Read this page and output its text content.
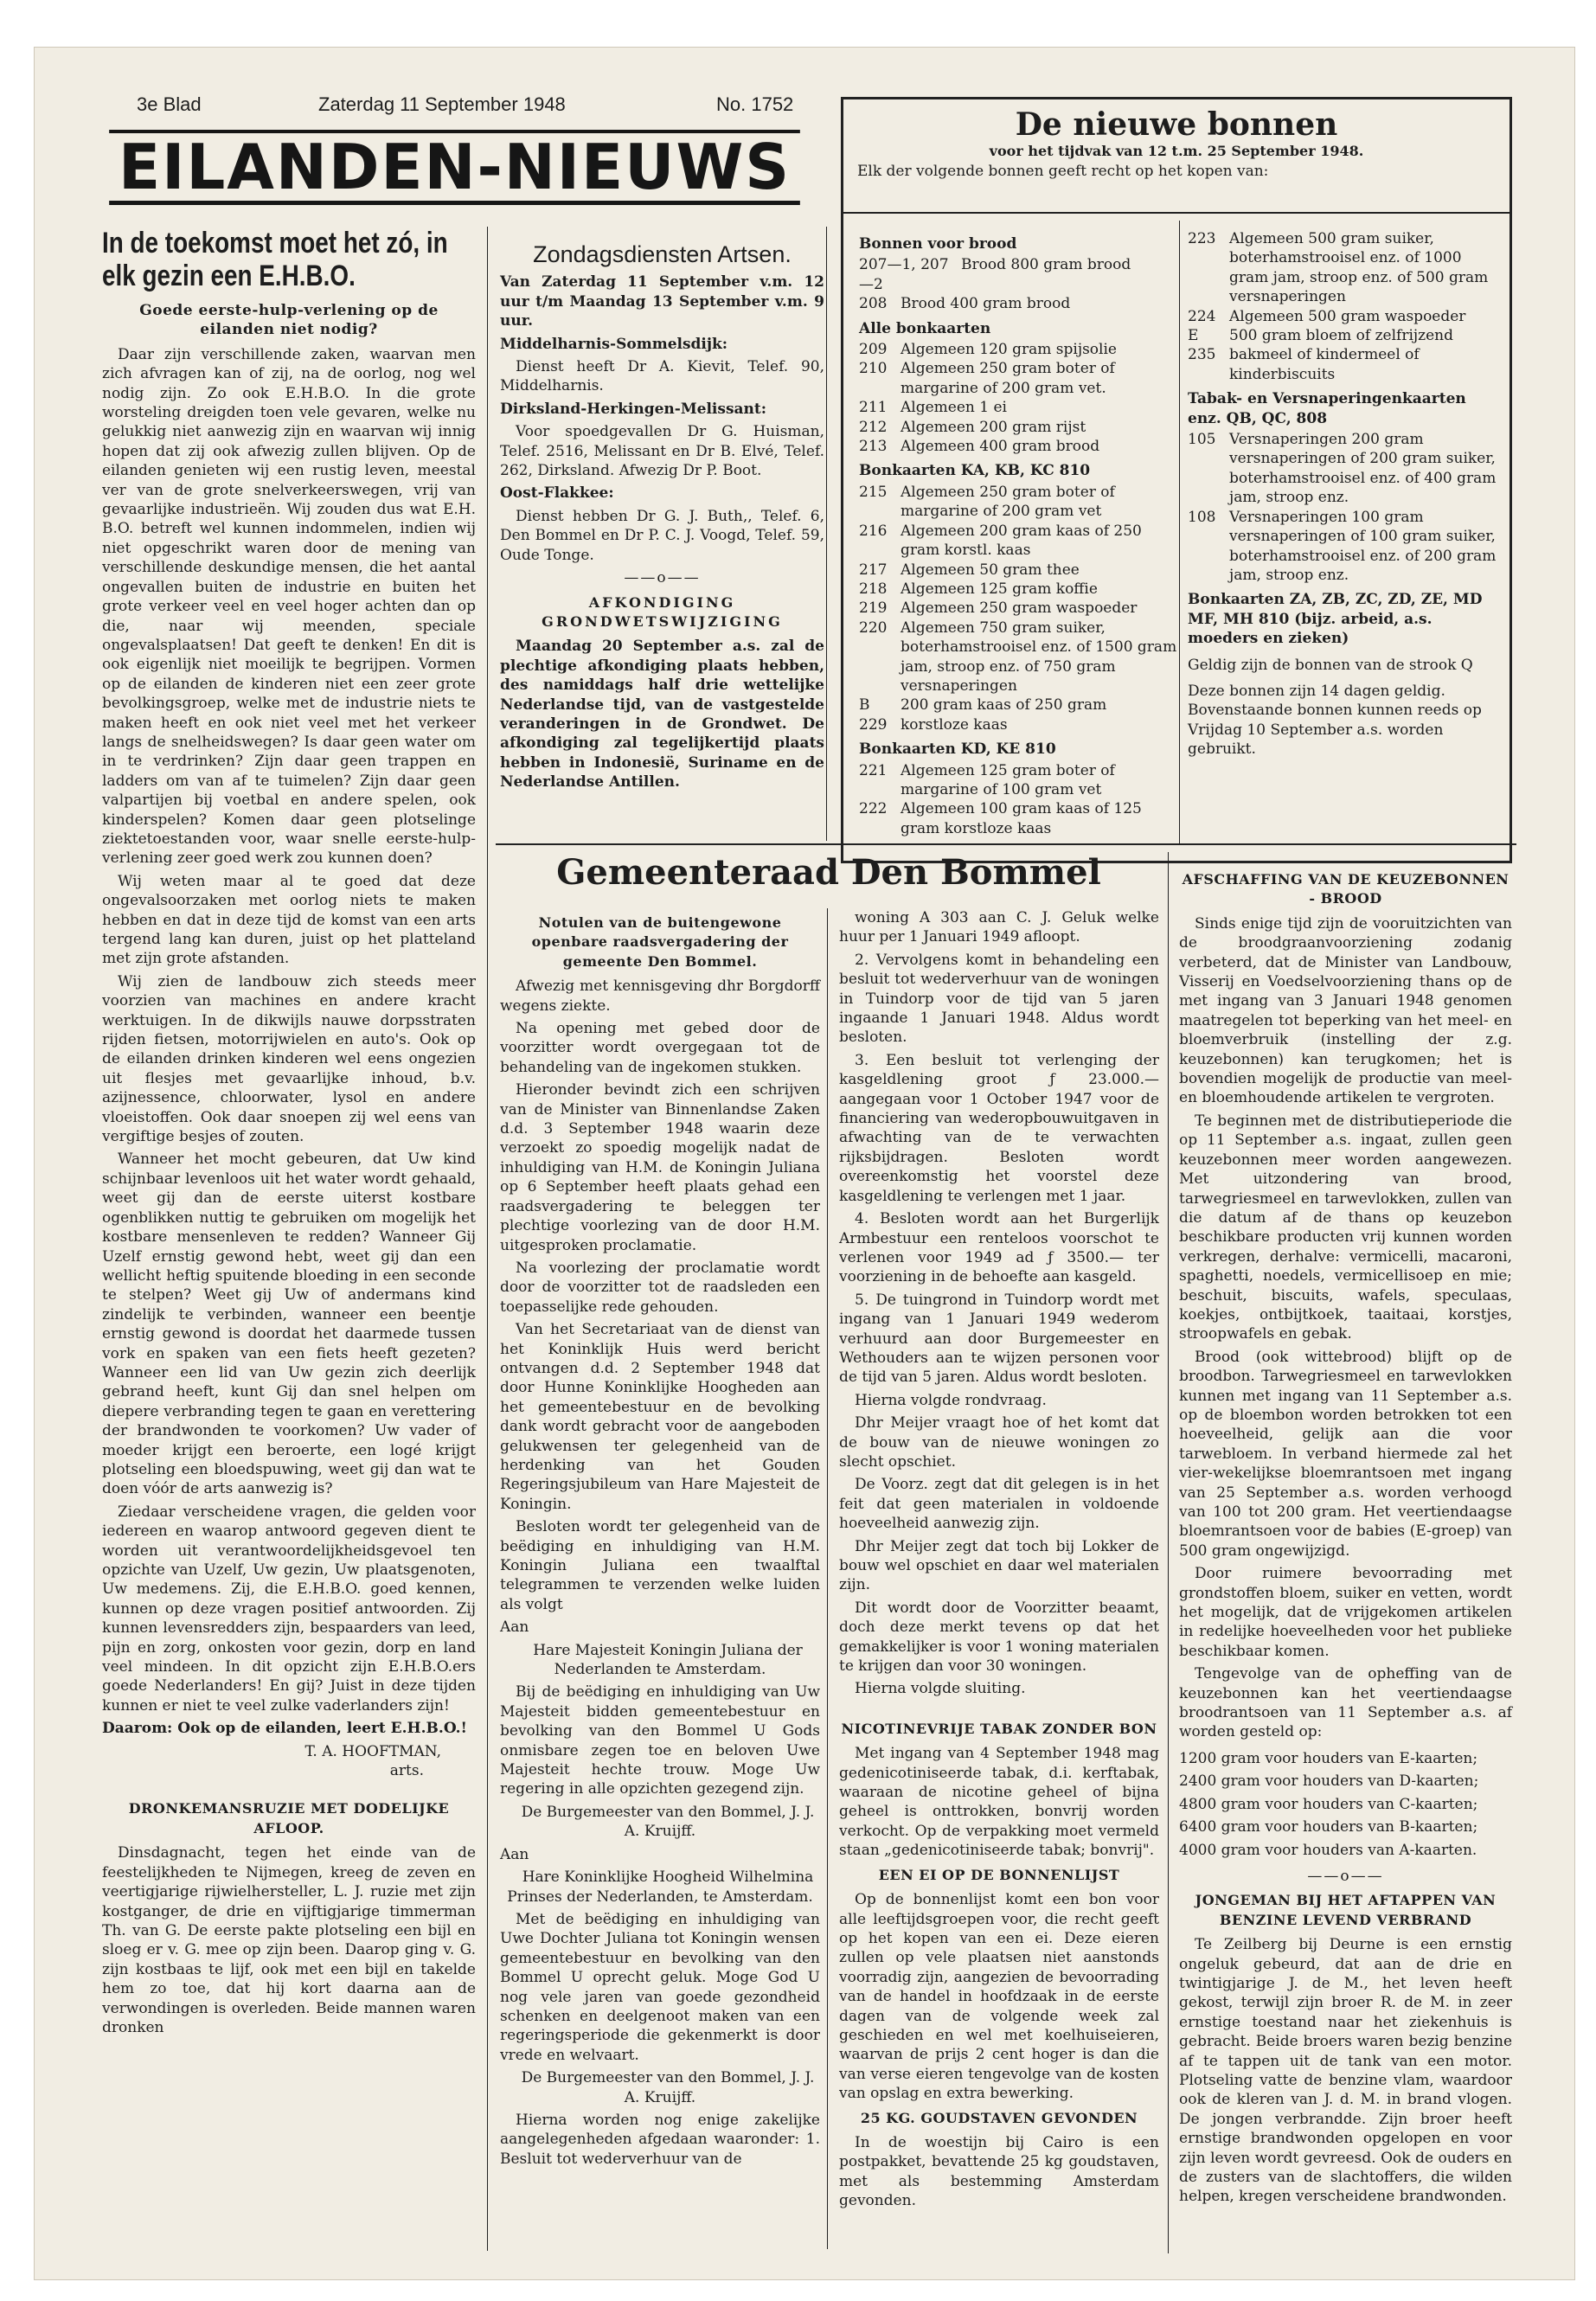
3e Blad	Zaterdag 11 September 1948	No. 1752
EILANDEN-NIEUWS
In de toekomst moet het zó, in elk gezin een E.H.B.O.
Goede eerste-hulp-verlening op de eilanden niet nodig?

Daar zijn verschillende zaken, waarvan men zich afvragen kan of zij, na de oorlog, nog wel nodig zijn. Zo ook E.H.B.O. In die grote worsteling dreigden toen vele gevaren, welke nu gelukkig niet aanwezig zijn en waarvan wij innig hopen dat zij ook afwezig zullen blijven. Op de eilanden genieten wij een rustig leven, meestal ver van de grote snelverkeerswegen, vrij van gevaarlijke industrieën. Wij zouden dus wat E.H. B.O. betreft wel kunnen indommelen, indien wij niet opgeschrikt waren door de mening van verschillende deskundige mensen, die het aantal ongevallen buiten de industrie en buiten het grote verkeer veel en veel hoger achten dan op die, naar wij meenden, speciale ongevalsplaatsen! Dat geeft te denken! En dit is ook eigenlijk niet moeilijk te begrijpen. Vormen op de eilanden de kinderen niet een zeer grote bevolkingsgroep, welke met de industrie niets te maken heeft en ook niet veel met het verkeer langs de snelheidswegen? Is daar geen water om in te verdrinken? Zijn daar geen trappen en ladders om van af te tuimelen? Zijn daar geen valpartijen bij voetbal en andere spelen, ook kinderspelen? Komen daar geen plotselinge ziektetoestanden voor, waar snelle eerste-hulp-verlening zeer goed werk zou kunnen doen?

Wij weten maar al te goed dat deze ongevalsoorzaken met oorlog niets te maken hebben en dat in deze tijd de komst van een arts tergend lang kan duren, juist op het platteland met zijn grote afstanden.

Wij zien de landbouw zich steeds meer voorzien van machines en andere kracht werktuigen. In de dikwijls nauwe dorpsstraten rijden fietsen, motorrijwielen en auto's. Ook op de eilanden drinken kinderen wel eens ongezien uit flesjes met gevaarlijke inhoud, b.v. azijnessence, chloorwater, lysol en andere vloeistoffen. Ook daar snoepen zij wel eens van vergiftige besjes of zouten.

Wanneer het mocht gebeuren, dat Uw kind schijnbaar levenloos uit het water wordt gehaald, weet gij dan de eerste uiterst kostbare ogenblikken nuttig te gebruiken om mogelijk het kostbare mensenleven te redden? Wanneer Gij Uzelf ernstig gewond hebt, weet gij dan een wellicht heftig spuitende bloeding in een seconde te stelpen? Weet gij Uw of andermans kind zindelijk te verbinden, wanneer een beentje ernstig gewond is doordat het daarmede tussen vork en spaken van een fiets heeft gezeten? Wanneer een lid van Uw gezin zich deerlijk gebrand heeft, kunt Gij dan snel helpen om diepere verbranding tegen te gaan en verettering der brandwonden te voorkomen? Uw vader of moeder krijgt een beroerte, een logé krijgt plotseling een bloedspuwing, weet gij dan wat te doen vóór de arts aanwezig is?

Ziedaar verscheidene vragen, die gelden voor iedereen en waarop antwoord gegeven dient te worden uit verantwoordelijkheidsgevoel ten opzichte van Uzelf, Uw gezin, Uw plaatsgenoten, Uw medemens. Zij, die E.H.B.O. goed kennen, kunnen op deze vragen positief antwoorden. Zij kunnen levensredders zijn, bespaarders van leed, pijn en zorg, onkosten voor gezin, dorp en land veel mindeen. In dit opzicht zijn E.H.B.O.ers goede Nederlanders! En gij? Juist in deze tijden kunnen er niet te veel zulke vaderlanders zijn!

Daarom: Ook op de eilanden, leert E.H.B.O.!

T. A. HOOFTMAN,
arts.
DRONKEMANSRUZIE MET DODELIJKE AFLOOP.

Dinsdagnacht, tegen het einde van de feestelijkheden te Nijmegen, kreeg de zeven en veertigjarige rijwielhersteller, L. J. ruzie met zijn kostganger, de drie en vijftigjarige timmerman Th. van G. De eerste pakte plotseling een bijl en sloeg er v. G. mee op zijn been. Daarop ging v. G. zijn kostbaas te lijf, ook met een bijl en takelde hem zo toe, dat hij kort daarna aan de verwondingen is overleden. Beide mannen waren dronken

Zondagsdiensten Artsen.

Van Zaterdag 11 September v.m. 12 uur t/m Maandag 13 September v.m. 9 uur.

Middelharnis-Sommelsdijk:

Dienst heeft Dr A. Kievit, Telef. 90, Middelharnis.

Dirksland-Herkingen-Melissant:

Voor spoedgevallen Dr G. Huisman, Telef. 2516, Melissant en Dr B. Elvé, Telef. 262, Dirksland. Afwezig Dr P. Boot.

Oost-Flakkee:

Dienst hebben Dr G. J. Buth,, Telef. 6, Den Bommel en Dr P. C. J. Voogd, Telef. 59, Oude Tonge.

——o——
AFKONDIGING GRONDWETSWIJZIGING

Maandag 20 September a.s. zal de plechtige afkondiging plaats hebben, des namiddags half drie wettelijke Nederlandse tijd, van de vastgestelde veranderingen in de Grondwet. De afkondiging zal tegelijkertijd plaats hebben in Indonesië, Suriname en de Nederlandse Antillen.

De nieuwe bonnen
voor het tijdvak van 12 t.m. 25 September 1948.
Elk der volgende bonnen geeft recht op het kopen van:
Bonnen voor brood
207—1, 207—2
Brood 800 gram brood
208 Brood 400 gram brood
Alle bonkaarten
209 Algemeen 120 gram spijsolie
210 Algemeen 250 gram boter of margarine of 200 gram vet.
211 Algemeen 1 ei
212 Algemeen 200 gram rijst
213 Algemeen 400 gram brood
Bonkaarten KA, KB, KC 810
215 Algemeen 250 gram boter of margarine of 200 gram vet
216 Algemeen 200 gram kaas of 250 gram korstl. kaas
217 Algemeen 50 gram thee
218 Algemeen 125 gram koffie
219 Algemeen 250 gram waspoeder
220 Algemeen 750 gram suiker, boterhamstrooisel enz. of 1500 gram jam, stroop enz. of 750 gram versnaperingen
B 229
200 gram kaas of 250 gram korstloze kaas
Bonkaarten KD, KE 810
221 Algemeen 125 gram boter of margarine of 100 gram vet
222 Algemeen 100 gram kaas of 125 gram korstloze kaas
223 Algemeen 500 gram suiker, boterhamstrooisel enz. of 1000 gram jam, stroop enz. of 500 gram versnaperingen
224 Algemeen 500 gram waspoeder
E 235
500 gram bloem of zelfrijzend bakmeel of kindermeel of kinderbiscuits
Tabak- en Versnaperingenkaarten enz. QB, QC, 808
105 Versnaperingen 200 gram versnaperingen of 200 gram suiker, boterhamstrooisel enz. of 400 gram jam, stroop enz.
108 Versnaperingen 100 gram versnaperingen of 100 gram suiker, boterhamstrooisel enz. of 200 gram jam, stroop enz.
Bonkaarten ZA, ZB, ZC, ZD, ZE, MD MF, MH 810 (bijz. arbeid, a.s. moeders en zieken)
Geldig zijn de bonnen van de strook Q
Deze bonnen zijn 14 dagen geldig. Bovenstaande bonnen kunnen reeds op Vrijdag 10 September a.s. worden gebruikt.
Gemeenteraad Den Bommel
Notulen van de buitengewone openbare raadsvergadering der gemeente Den Bommel.

Afwezig met kennisgeving dhr Borgdorff wegens ziekte.

Na opening met gebed door de voorzitter wordt overgegaan tot de behandeling van de ingekomen stukken.

Hieronder bevindt zich een schrijven van de Minister van Binnenlandse Zaken d.d. 3 September 1948 waarin deze verzoekt zo spoedig mogelijk nadat de inhuldiging van H.M. de Koningin Juliana op 6 September heeft plaats gehad een raadsvergadering te beleggen ter plechtige voorlezing van de door H.M. uitgesproken proclamatie.

Na voorlezing der proclamatie wordt door de voorzitter tot de raadsleden een toepasselijke rede gehouden.

Van het Secretariaat van de dienst van het Koninklijk Huis werd bericht ontvangen d.d. 2 September 1948 dat door Hunne Koninklijke Hoogheden aan het gemeentebestuur en de bevolking dank wordt gebracht voor de aangeboden gelukwensen ter gelegenheid van de herdenking van het Gouden Regeringsjubileum van Hare Majesteit de Koningin.

Besloten wordt ter gelegenheid van de beëdiging en inhuldiging van H.M. Koningin Juliana een twaalftal telegrammen te verzenden welke luiden als volgt

Aan

Hare Majesteit Koningin Juliana der Nederlanden te Amsterdam.

Bij de beëdiging en inhuldiging van Uw Majesteit bidden gemeentebestuur en bevolking van den Bommel U Gods onmisbare zegen toe en beloven Uwe Majesteit hechte trouw. Moge Uw regering in alle opzichten gezegend zijn.

De Burgemeester van den Bommel, J. J. A. Kruijff.

Aan

Hare Koninklijke Hoogheid Wilhelmina Prinses der Nederlanden, te Amsterdam.

Met de beëdiging en inhuldiging van Uwe Dochter Juliana tot Koningin wensen gemeentebestuur en bevolking van den Bommel U oprecht geluk. Moge God U nog vele jaren van goede gezondheid schenken en deelgenoot maken van een regeringsperiode die gekenmerkt is door vrede en welvaart.

De Burgemeester van den Bommel, J. J. A. Kruijff.

Hierna worden nog enige zakelijke aangelegenheden afgedaan waaronder: 1. Besluit tot wederverhuur van de

woning A 303 aan C. J. Geluk welke huur per 1 Januari 1949 afloopt.

2. Vervolgens komt in behandeling een besluit tot wederverhuur van de woningen in Tuindorp voor de tijd van 5 jaren ingaande 1 Januari 1948. Aldus wordt besloten.

3. Een besluit tot verlenging der kasgeldlening groot ƒ 23.000.— aangegaan voor 1 October 1947 voor de financiering van wederopbouwuitgaven in afwachting van de te verwachten rijksbijdragen. Besloten wordt overeenkomstig het voorstel deze kasgeldlening te verlengen met 1 jaar.

4. Besloten wordt aan het Burgerlijk Armbestuur een renteloos voorschot te verlenen voor 1949 ad ƒ 3500.— ter voorziening in de behoefte aan kasgeld.

5. De tuingrond in Tuindorp wordt met ingang van 1 Januari 1949 wederom verhuurd aan door Burgemeester en Wethouders aan te wijzen personen voor de tijd van 5 jaren. Aldus wordt besloten.

Hierna volgde rondvraag.

Dhr Meijer vraagt hoe of het komt dat de bouw van de nieuwe woningen zo slecht opschiet.

De Voorz. zegt dat dit gelegen is in het feit dat geen materialen in voldoende hoeveelheid aanwezig zijn.

Dhr Meijer zegt dat toch bij Lokker de bouw wel opschiet en daar wel materialen zijn.

Dit wordt door de Voorzitter beaamt, doch deze merkt tevens op dat het gemakkelijker is voor 1 woning materialen te krijgen dan voor 30 woningen.

Hierna volgde sluiting.

NICOTINEVRIJE TABAK ZONDER BON

Met ingang van 4 September 1948 mag gedenicotiniseerde tabak, d.i. kerftabak, waaraan de nicotine geheel of bijna geheel is onttrokken, bonvrij worden verkocht. Op de verpakking moet vermeld staan „gedenicotiniseerde tabak; bonvrij".

EEN EI OP DE BONNENLIJST

Op de bonnenlijst komt een bon voor alle leeftijdsgroepen voor, die recht geeft op het kopen van een ei. Deze eieren zullen op vele plaatsen niet aanstonds voorradig zijn, aangezien de bevoorrading van de handel in hoofdzaak in de eerste dagen van de volgende week zal geschieden en wel met koelhuiseieren, waarvan de prijs 2 cent hoger is dan die van verse eieren tengevolge van de kosten van opslag en extra bewerking.

25 KG. GOUDSTAVEN GEVONDEN

In de woestijn bij Cairo is een postpakket, bevattende 25 kg goudstaven, met als bestemming Amsterdam gevonden.

AFSCHAFFING VAN DE KEUZEBONNEN - BROOD

Sinds enige tijd zijn de vooruitzichten van de broodgraanvoorziening zodanig verbeterd, dat de Minister van Landbouw, Visserij en Voedselvoorziening thans op de met ingang van 3 Januari 1948 genomen maatregelen tot beperking van het meel- en bloemverbruik (instelling der z.g. keuzebonnen) kan terugkomen; het is bovendien mogelijk de productie van meel- en bloemhoudende artikelen te vergroten.

Te beginnen met de distributieperiode die op 11 September a.s. ingaat, zullen geen keuzebonnen meer worden aangewezen. Met uitzondering van brood, tarwegriesmeel en tarwevlokken, zullen van die datum af de thans op keuzebon beschikbare producten vrij kunnen worden verkregen, derhalve: vermicelli, macaroni, spaghetti, noedels, vermicellisoep en mie; beschuit, biscuits, wafels, speculaas, koekjes, ontbijtkoek, taaitaai, korstjes, stroopwafels en gebak.

Brood (ook wittebrood) blijft op de broodbon. Tarwegriesmeel en tarwevlokken kunnen met ingang van 11 September a.s. op de bloembon worden betrokken tot een hoeveelheid, gelijk aan die voor tarwebloem. In verband hiermede zal het vier-wekelijkse bloemrantsoen met ingang van 25 September a.s. worden verhoogd van 100 tot 200 gram. Het veertiendaagse bloemrantsoen voor de babies (E-groep) van 500 gram ongewijzigd.

Door ruimere bevoorrading met grondstoffen bloem, suiker en vetten, wordt het mogelijk, dat de vrijgekomen artikelen in redelijke hoeveelheden voor het publieke beschikbaar komen.

Tengevolge van de opheffing van de keuzebonnen kan het veertiendaagse broodrantsoen van 11 September a.s. af worden gesteld op:

1200 gram voor houders van E-kaarten;

2400 gram voor houders van D-kaarten;

4800 gram voor houders van C-kaarten;

6400 gram voor houders van B-kaarten;

4000 gram voor houders van A-kaarten.

——o——
JONGEMAN BIJ HET AFTAPPEN VAN BENZINE LEVEND VERBRAND

Te Zeilberg bij Deurne is een ernstig ongeluk gebeurd, dat aan de drie en twintigjarige J. de M., het leven heeft gekost, terwijl zijn broer R. de M. in zeer ernstige toestand naar het ziekenhuis is gebracht. Beide broers waren bezig benzine af te tappen uit de tank van een motor. Plotseling vatte de benzine vlam, waardoor ook de kleren van J. d. M. in brand vlogen. De jongen verbrandde. Zijn broer heeft ernstige brandwonden opgelopen en voor zijn leven wordt gevreesd. Ook de ouders en de zusters van de slachtoffers, die wilden helpen, kregen verscheidene brandwonden.
